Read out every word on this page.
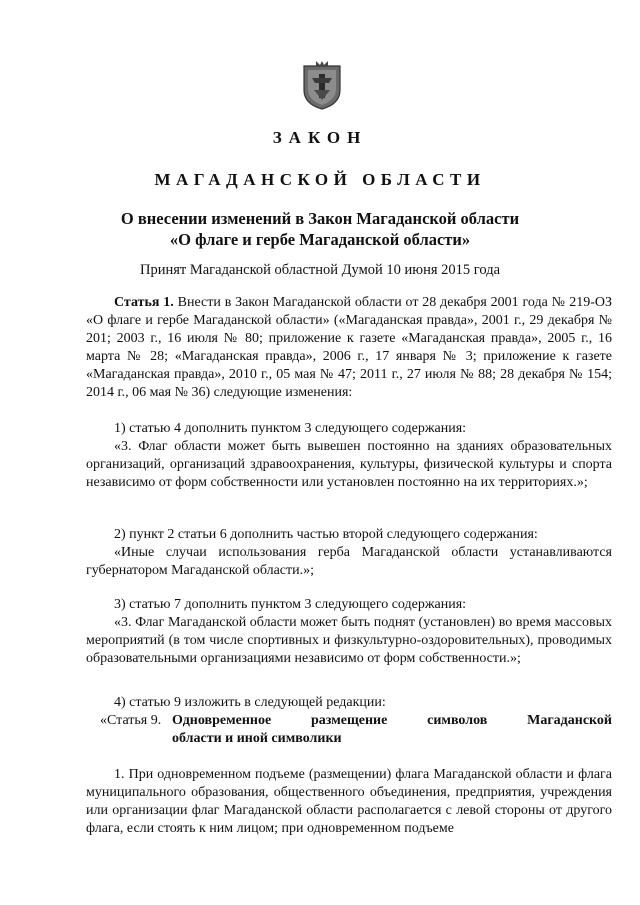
ЗАКОН
МАГАДАНСКОЙ ОБЛАСТИ
О внесении изменений в Закон Магаданской области
«О флаге и гербе Магаданской области»
Принят Магаданской областной Думой 10 июня 2015 года

Статья 1. Внести в Закон Магаданской области от 28 декабря 2001 года № 219-ОЗ «О флаге и гербе Магаданской области» («Магаданская правда», 2001 г., 29 декабря № 201; 2003 г., 16 июля № 80; приложение к газете «Магаданская правда», 2005 г., 16 марта № 28; «Магаданская правда», 2006 г., 17 января № 3; приложение к газете «Магаданская правда», 2010 г., 05 мая № 47; 2011 г., 27 июля № 88; 28 декабря № 154; 2014 г., 06 мая № 36) следующие изменения:

1) статью 4 дополнить пунктом 3 следующего содержания:

«3. Флаг области может быть вывешен постоянно на зданиях образовательных организаций, организаций здравоохранения, культуры, физической культуры и спорта независимо от форм собственности или установлен постоянно на их территориях.»;

2) пункт 2 статьи 6 дополнить частью второй следующего содержания:

«Иные случаи использования герба Магаданской области устанавливаются губернатором Магаданской области.»;

3) статью 7 дополнить пунктом 3 следующего содержания:

«3. Флаг Магаданской области может быть поднят (установлен) во время массовых мероприятий (в том числе спортивных и физкультурно-оздоровительных), проводимых образовательными организациями независимо от форм собственности.»;

4) статью 9 изложить в следующей редакции:

«Статья 9. Одновременное размещение символов Магаданской
области и иной символики

1. При одновременном подъеме (размещении) флага Магаданской области и флага муниципального образования, общественного объединения, предприятия, учреждения или организации флаг Магаданской области располагается с левой стороны от другого флага, если стоять к ним лицом; при одновременном подъеме
